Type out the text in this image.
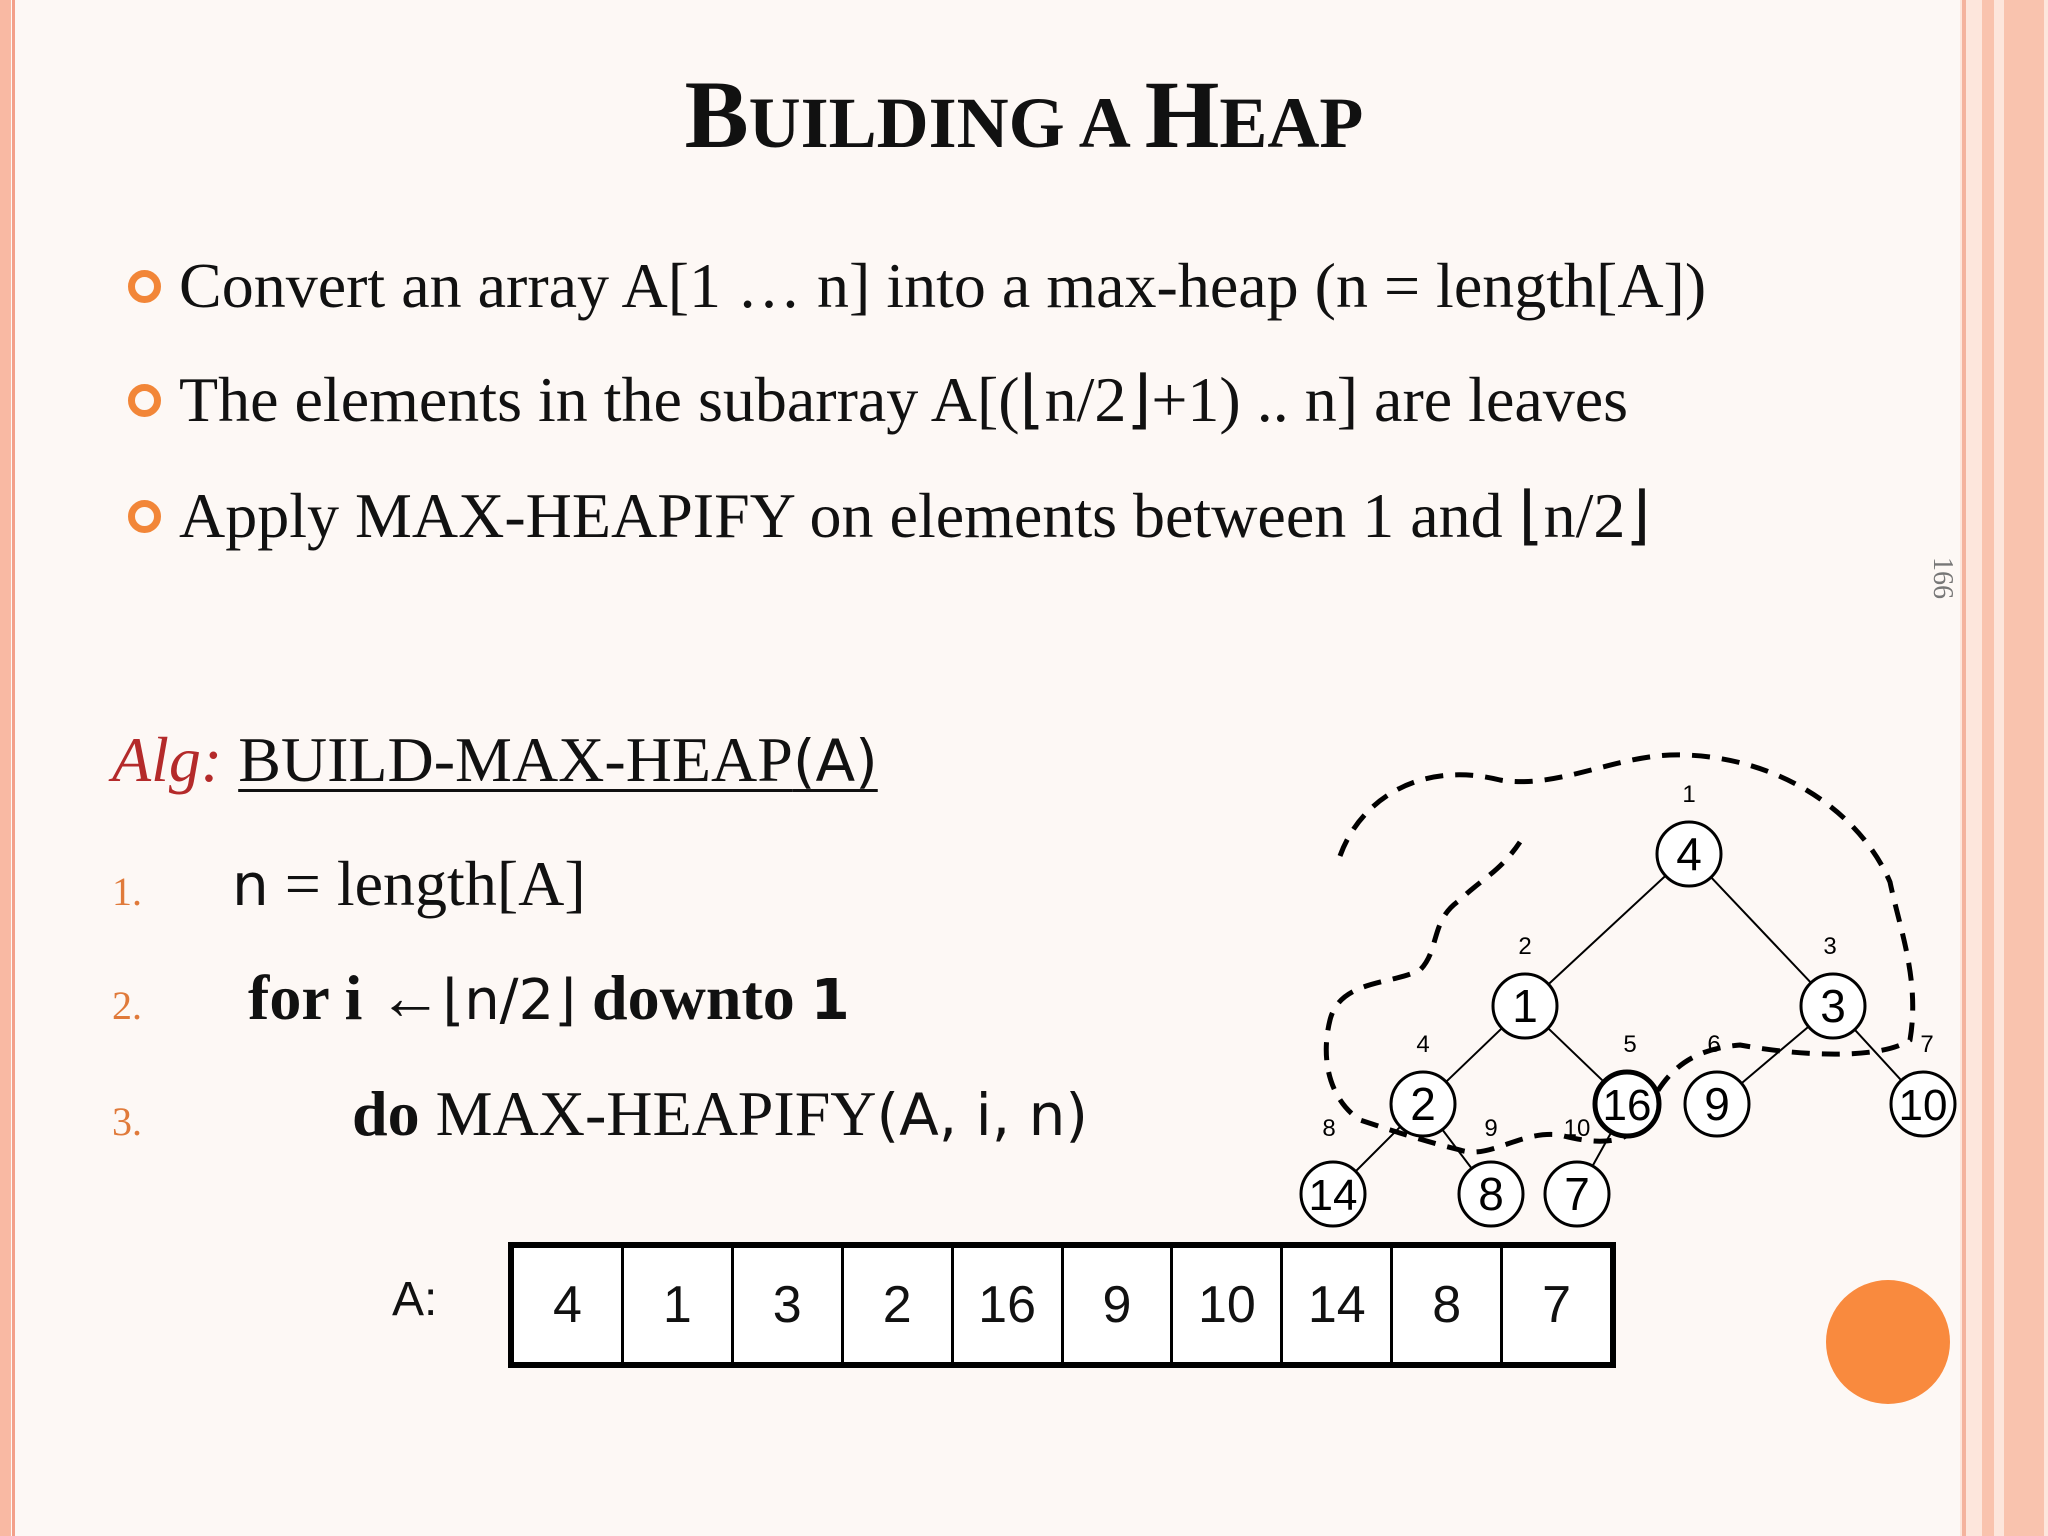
BUILDING A HEAP
Convert an array A[1 … n] into a max-heap (n = length[A])
The elements in the subarray A[(⌊n/2⌋+1) .. n] are leaves
Apply MAX-HEAPIFY on elements between 1 and ⌊n/2⌋
166
Alg: BUILD-MAX-HEAP(A)
1. n = length[A]
2. for i ←⌊n/2⌋ downto 1
3.	do MAX-HEAPIFY(A, i, n)
A:	4	1	3	2	16	9	10	14	8	7
4
1
1
2
3
3
2
4
16
5
9
6
10
7
14
8
8
9
7
10
